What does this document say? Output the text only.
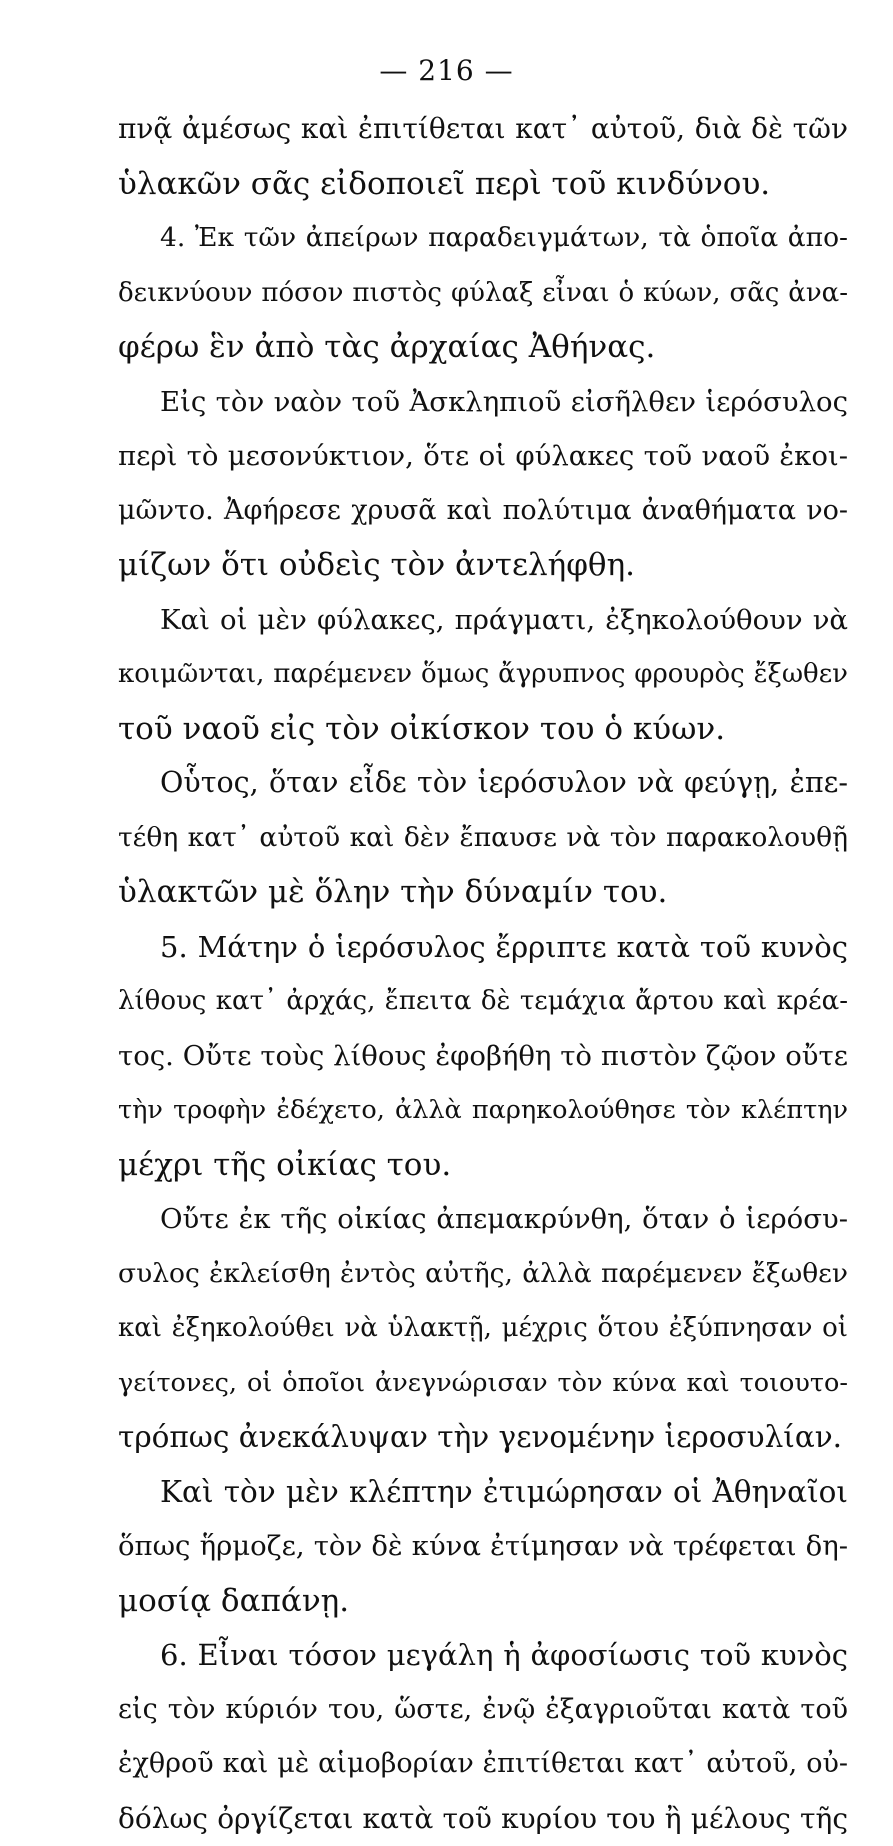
— 216 —
πνᾷ ἀμέσως καὶ ἐπιτίθεται κατ᾽ αὐτοῦ, διὰ δὲ τῶν
ὑλακῶν σᾶς εἰδοποιεῖ περὶ τοῦ κινδύνου.
4. Ἐκ τῶν ἀπείρων παραδειγμάτων, τὰ ὁποῖα ἀπο-
δεικνύουν πόσον πιστὸς φύλαξ εἶναι ὁ κύων, σᾶς ἀνα-
φέρω ἓν ἀπὸ τὰς ἀρχαίας Ἀθήνας.
Εἰς τὸν ναὸν τοῦ Ἀσκληπιοῦ εἰσῆλθεν ἱερόσυλος
περὶ τὸ μεσονύκτιον, ὅτε οἱ φύλακες τοῦ ναοῦ ἐκοι-
μῶντο. Ἀφήρεσε χρυσᾶ καὶ πολύτιμα ἀναθήματα νο-
μίζων ὅτι οὐδεὶς τὸν ἀντελήφθη.
Καὶ οἱ μὲν φύλακες, πράγματι, ἐξηκολούθουν νὰ
κοιμῶνται, παρέμενεν ὅμως ἄγρυπνος φρουρὸς ἔξωθεν
τοῦ ναοῦ εἰς τὸν οἰκίσκον του ὁ κύων.
Οὗτος, ὅταν εἶδε τὸν ἱερόσυλον νὰ φεύγῃ, ἐπε-
τέθη κατ᾽ αὐτοῦ καὶ δὲν ἔπαυσε νὰ τὸν παρακολουθῇ
ὑλακτῶν μὲ ὅλην τὴν δύναμίν του.
5. Μάτην ὁ ἱερόσυλος ἔρριπτε κατὰ τοῦ κυνὸς
λίθους κατ᾽ ἀρχάς, ἔπειτα δὲ τεμάχια ἄρτου καὶ κρέα-
τος. Οὔτε τοὺς λίθους ἐφοβήθη τὸ πιστὸν ζῷον οὔτε
τὴν τροφὴν ἐδέχετο, ἀλλὰ παρηκολούθησε τὸν κλέπτην
μέχρι τῆς οἰκίας του.
Οὔτε ἐκ τῆς οἰκίας ἀπεμακρύνθη, ὅταν ὁ ἱερόσυ-
συλος ἐκλείσθη ἐντὸς αὐτῆς, ἀλλὰ παρέμενεν ἔξωθεν
καὶ ἐξηκολούθει νὰ ὑλακτῇ, μέχρις ὅτου ἐξύπνησαν οἱ
γείτονες, οἱ ὁποῖοι ἀνεγνώρισαν τὸν κύνα καὶ τοιουτο-
τρόπως ἀνεκάλυψαν τὴν γενομένην ἱεροσυλίαν.
Καὶ τὸν μὲν κλέπτην ἐτιμώρησαν οἱ Ἀθηναῖοι
ὅπως ἥρμοζε, τὸν δὲ κύνα ἐτίμησαν νὰ τρέφεται δη-
μοσίᾳ δαπάνῃ.
6. Εἶναι τόσον μεγάλη ἡ ἀφοσίωσις τοῦ κυνὸς
εἰς τὸν κύριόν του, ὥστε, ἐνῷ ἐξαγριοῦται κατὰ τοῦ
ἐχθροῦ καὶ μὲ αἱμοβορίαν ἐπιτίθεται κατ᾽ αὐτοῦ, οὐ-
δόλως ὀργίζεται κατὰ τοῦ κυρίου του ἢ μέλους τῆς
